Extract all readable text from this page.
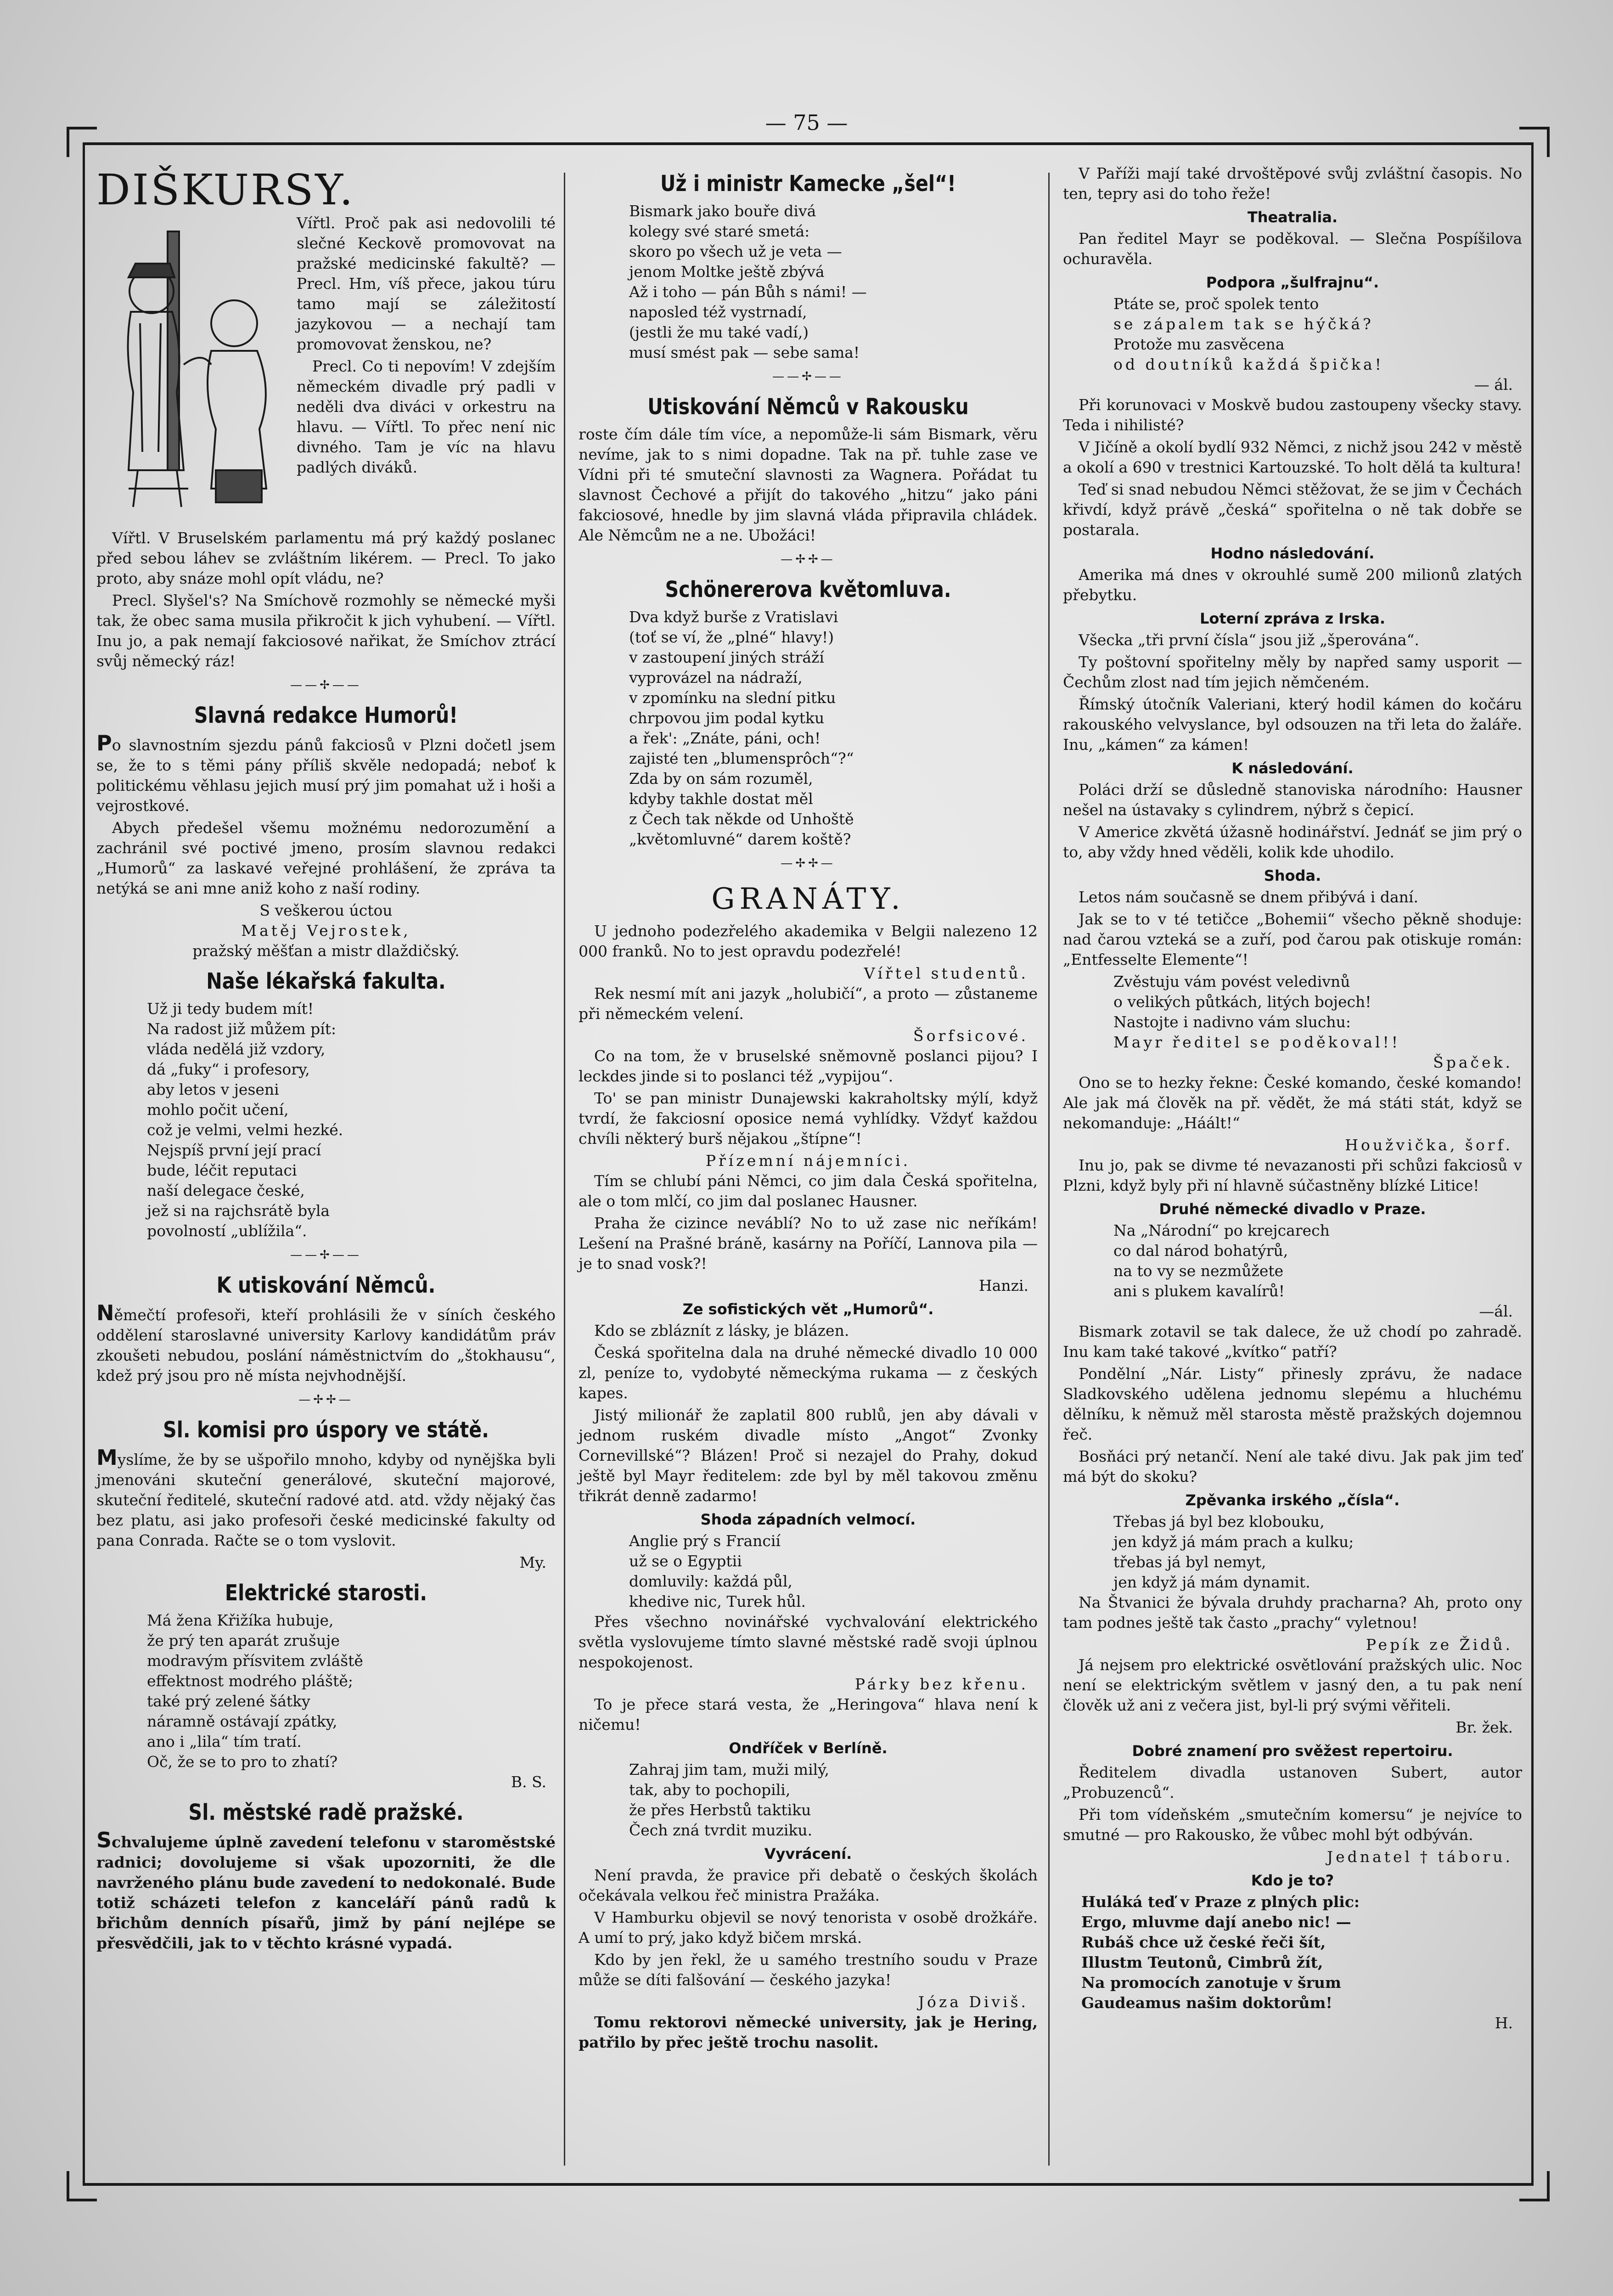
— 75 —
DIŠKURSY.

Vířtl. Proč pak asi nedovolili té slečné Keckově promovovat na pražské medicinské fakultě? — Precl. Hm, víš přece, jakou túru tamo mají se záležitostí jazykovou — a nechají tam promovovat ženskou, ne?

Precl. Co ti nepovím! V zdejším německém divadle prý padli v neděli dva diváci v orkestru na hlavu. — Vířtl. To přec není nic divného. Tam je víc na hlavu padlých diváků.

Vířtl. V Bruselském parlamentu má prý každý poslanec před sebou láhev se zvláštním likérem. — Precl. To jako proto, aby snáze mohl opít vládu, ne?

Precl. Slyšel's? Na Smíchově rozmohly se německé myši tak, že obec sama musila přikročit k jich vyhubení. — Vířtl. Inu jo, a pak nemají fakciosové nařikat, že Smíchov ztrácí svůj německý ráz!

——✢——
Slavná redakce Humorů!

Po slavnostním sjezdu pánů fakciosů v Plzni dočetl jsem se, že to s těmi pány příliš skvěle nedopadá; neboť k politickému věhlasu jejich musí prý jim pomahat už i hoši a vejrostkové.

Abych předešel všemu možnému nedorozumění a zachránil své poctivé jmeno, prosím slavnou redakci „Humorů“ za laskavé veřejné prohlášení, že zpráva ta netýká se ani mne aniž koho z naší rodiny.

S veškerou úctou
Matěj Vejrostek,
pražský měšťan a mistr dlaždičský.
Naše lékařská fakulta.
Už ji tedy budem mít!
Na radost již můžem pít:
vláda nedělá již vzdory,
dá „fuky“ i profesory,
aby letos v jeseni
mohlo počit učení,
což je velmi, velmi hezké.
Nejspíš první její prací
bude, léčit reputaci
naší delegace české,
jež si na rajchsrátě byla
povolností „ublížila“.
——✢——
K utiskování Němců.

Němečtí profesoři, kteří prohlásili že v síních českého oddělení staroslavné university Karlovy kandidátům práv zkoušeti nebudou, poslání náměstnictvím do „štokhausu“, kdež prý jsou pro ně místa nejvhodnější.

—✢✢—
Sl. komisi pro úspory ve státě.

Myslíme, že by se ušpořilo mnoho, kdyby od nynějška byli jmenováni skuteční generálové, skuteční majorové, skuteční ředitelé, skuteční radové atd. atd. vždy nějaký čas bez platu, asi jako profesoři české medicinské fakulty od pana Conrada. Račte se o tom vyslovit.

My.
Elektrické starosti.
Má žena Křižíka hubuje,
že prý ten aparát zrušuje
modravým přísvitem zvláště
effektnost modrého pláště;
také prý zelené šátky
náramně ostávají zpátky,
ano i „lila“ tím tratí.
Oč, že se to pro to zhatí?
B. S.
Sl. městské radě pražské.

Schvalujeme úplně zavedení telefonu v staroměstské radnici; dovolujeme si však upozorniti, že dle navrženého plánu bude zavedení to nedokonalé. Bude totiž scházeti telefon z kanceláří pánů radů k břichům denních písařů, jimž by pání nejlépe se přesvědčili, jak to v těchto krásné vypadá.

Už i ministr Kamecke „šel“!
Bismark jako bouře divá
kolegy své staré smetá:
skoro po všech už je veta —
jenom Moltke ještě zbývá
Až i toho — pán Bůh s námi! —
naposled též vystrnadí,
(jestli že mu také vadí,)
musí smést pak — sebe sama!
——✢——
Utiskování Němců v Rakousku

roste čím dále tím více, a nepomůže-li sám Bismark, věru nevíme, jak to s nimi dopadne. Tak na př. tuhle zase ve Vídni při té smuteční slavnosti za Wagnera. Pořádat tu slavnost Čechové a přijít do takového „hitzu“ jako páni fakciosové, hnedle by jim slavná vláda připravila chládek. Ale Němcům ne a ne. Ubožáci!

—✢✢—
Schönererova květomluva.
Dva když burše z Vratislavi
(toť se ví, že „plné“ hlavy!)
v zastoupení jiných stráží
vyprovázel na nádraží,
v zpomínku na slední pitku
chrpovou jim podal kytku
a řek': „Znáte, páni, och!
zajisté ten „blumensprôch“?“
Zda by on sám rozuměl,
kdyby takhle dostat měl
z Čech tak někde od Unhoště
„květomluvné“ darem koště?
—✢✢—
GRANÁTY.

U jednoho podezřelého akademika v Belgii nalezeno 12 000 franků. No to jest opravdu podezřelé!

Vířtel studentů.

Rek nesmí mít ani jazyk „holubičí“, a proto — zůstaneme při německém velení.

Šorfsicové.

Co na tom, že v bruselské sněmovně poslanci pijou? I leckdes jinde si to poslanci též „vypijou“.

To' se pan ministr Dunajewski kakraholtsky mýlí, když tvrdí, že fakciosní oposice nemá vyhlídky. Vždyť každou chvíli některý burš nějakou „štípne“!

Přízemní nájemníci.

Tím se chlubí páni Němci, co jim dala Česká spořitelna, ale o tom mlčí, co jim dal poslanec Hausner.

Praha že cizince neváblí? No to už zase nic neříkám! Lešení na Prašné bráně, kasárny na Poříčí, Lannova pila — je to snad vosk?!

Hanzi.
Ze sofistických vět „Humorů“.

Kdo se zbláznít z lásky, je blázen.

Česká spořitelna dala na druhé německé divadlo 10 000 zl, peníze to, vydobyté německýma rukama — z českých kapes.

Jistý milionář že zaplatil 800 rublů, jen aby dávali v jednom ruském divadle místo „Angot“ Zvonky Cornevillské“? Blázen! Proč si nezajel do Prahy, dokud ještě byl Mayr ředitelem: zde byl by měl takovou změnu třikrát denně zadarmo!

Shoda západních velmocí.
Anglie prý s Francií
už se o Egyptii
domluvily: každá půl,
khedive nic, Turek hůl.

Přes všechno novinářské vychvalování elektrického světla vyslovujeme tímto slavné městské radě svoji úplnou nespokojenost.

Párky bez křenu.

To je přece stará vesta, že „Heringova“ hlava není k ničemu!

Ondříček v Berlíně.
Zahraj jim tam, muži milý,
tak, aby to pochopili,
že přes Herbstů taktiku
Čech zná tvrdit muziku.
Vyvrácení.

Není pravda, že pravice při debatě o českých školách očekávala velkou řeč ministra Pražáka.

V Hamburku objevil se nový tenorista v osobě drožkáře. A umí to prý, jako když bičem mrská.

Kdo by jen řekl, že u samého trestního soudu v Praze může se díti falšování — českého jazyka!

Józa Diviš.

Tomu rektorovi německé university, jak je Hering, patřilo by přec ještě trochu nasolit.

V Paříži mají také drvoštěpové svůj zvláštní časopis. No ten, tepry asi do toho řeže!

Theatralia.

Pan ředitel Mayr se poděkoval. — Slečna Pospíšilova ochuravěla.

Podpora „šulfrajnu“.
Ptáte se, proč spolek tento
se zápalem tak se hýčká?
Protože mu zasvěcena
od doutníků každá špička!
— ál.

Při korunovaci v Moskvě budou zastoupeny všecky stavy. Teda i nihilisté?

V Jičíně a okolí bydlí 932 Němci, z nichž jsou 242 v městě a okolí a 690 v trestnici Kartouzské. To holt dělá ta kultura!

Teď si snad nebudou Němci stěžovat, že se jim v Čechách křivdí, když právě „česká“ spořitelna o ně tak dobře se postarala.

Hodno následování.

Amerika má dnes v okrouhlé sumě 200 milionů zlatých přebytku.

Loterní zpráva z Irska.

Všecka „tři první čísla“ jsou již „šperována“.

Ty poštovní spořitelny měly by napřed samy usporit — Čechům zlost nad tím jejich němčeném.

Římský útočník Valeriani, který hodil kámen do kočáru rakouského velvyslance, byl odsouzen na tři leta do žaláře. Inu, „kámen“ za kámen!

K následování.

Poláci drží se důsledně stanoviska národního: Hausner nešel na ústavaky s cylindrem, nýbrž s čepicí.

V Americe zkvětá úžasně hodinářství. Jednáť se jim prý o to, aby vždy hned věděli, kolik kde uhodilo.

Shoda.

Letos nám současně se dnem přibývá i daní.

Jak se to v té tetičce „Bohemii“ všecho pěkně shoduje: nad čarou vzteká se a zuří, pod čarou pak otiskuje román: „Entfesselte Elemente“!

Zvěstuju vám povést veledivnů
o velikých půtkách, litých bojech!
Nastojte i nadivno vám sluchu:
Mayr ředitel se poděkoval!!
Špaček.

Ono se to hezky řekne: České komando, české komando! Ale jak má člověk na př. vědět, že má státi stát, když se nekomanduje: „Háált!“

Houžvička, šorf.

Inu jo, pak se divme té nevazanosti při schůzi fakciosů v Plzni, když byly při ní hlavně súčastněny blízké Litice!

Druhé německé divadlo v Praze.
Na „Národní“ po krejcarech
co dal národ bohatýrů,
na to vy se nezmůžete
ani s plukem kavalírů!
—ál.

Bismark zotavil se tak dalece, že už chodí po zahradě. Inu kam také takové „kvítko“ patří?

Pondělní „Nár. Listy“ přinesly zprávu, že nadace Sladkovského udělena jednomu slepému a hluchému dělníku, k němuž měl starosta městě pražských dojemnou řeč.

Bosňáci prý netančí. Není ale také divu. Jak pak jim teď má být do skoku?

Zpěvanka irského „čísla“.
Třebas já byl bez klobouku,
jen když já mám prach a kulku;
třebas já byl nemyt,
jen když já mám dynamit.

Na Štvanici že bývala druhdy pracharna? Ah, proto ony tam podnes ještě tak často „prachy“ vyletnou!

Pepík ze Židů.

Já nejsem pro elektrické osvětlování pražských ulic. Noc není se elektrickým světlem v jasný den, a tu pak není člověk už ani z večera jist, byl-li prý svými věřiteli.

Br. žek.
Dobré znamení pro svěžest repertoiru.

Ředitelem divadla ustanoven Subert, autor „Probuzenců“.

Při tom vídeňském „smutečním komersu“ je nejvíce to smutné — pro Rakousko, že vůbec mohl být odbýván.

Jednatel † táboru.
Kdo je to?
Huláká teď v Praze z plných plic:
Ergo, mluvme dají anebo nic! —
Rubáš chce už české řeči šít,
Illustm Teutonů, Cimbrů žít,
Na promocích zanotuje v šrum
Gaudeamus našim doktorům!
H.
